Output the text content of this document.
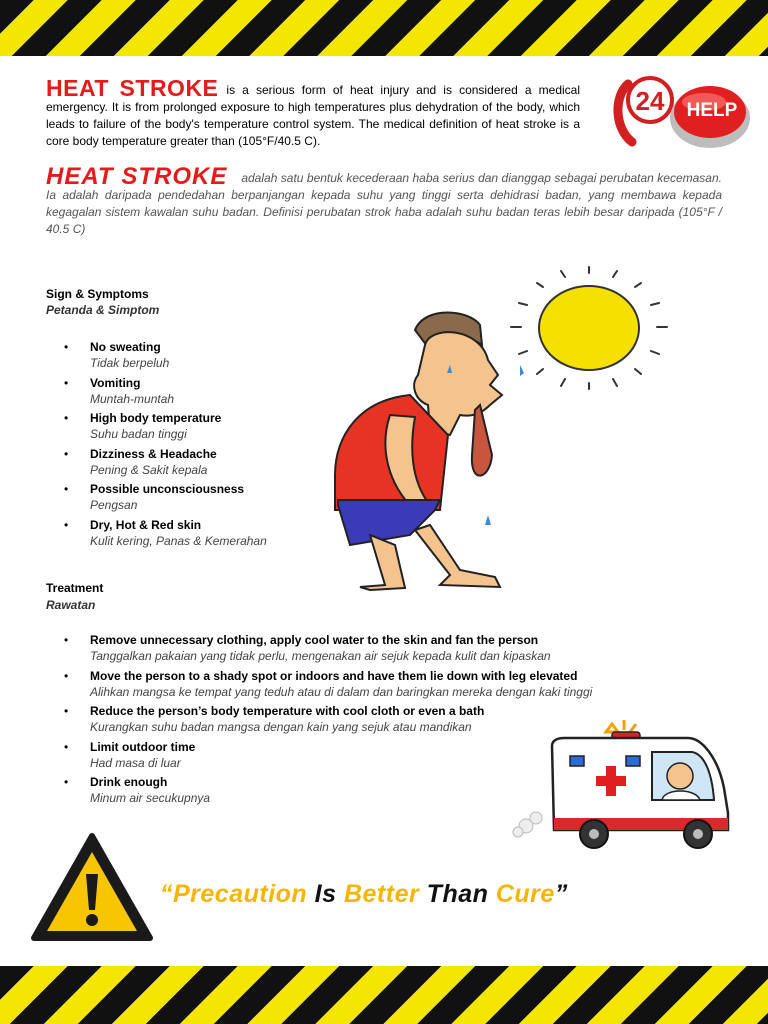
24 HELP
HEAT STROKE is a serious form of heat injury and is considered a medical emergency. It is from prolonged exposure to high temperatures plus dehydration of the body, which leads to failure of the body's temperature control system. The medical definition of heat stroke is a core body temperature greater than (105°F/40.5 C).
HEAT STROKE adalah satu bentuk kecederaan haba serius dan dianggap sebagai perubatan kecemasan. Ia adalah daripada pendedahan berpanjangan kepada suhu yang tinggi serta dehidrasi badan, yang membawa kepada kegagalan sistem kawalan suhu badan. Definisi perubatan strok haba adalah suhu badan teras lebih besar daripada (105°F / 40.5 C)
Sign & Symptoms
Petanda & Simptom
• No sweating
Tidak berpeluh
• Vomiting
Muntah-muntah
• High body temperature
Suhu badan tinggi
• Dizziness & Headache
Pening & Sakit kepala
• Possible unconsciousness
Pengsan
• Dry, Hot & Red skin
Kulit kering, Panas & Kemerahan
Treatment
Rawatan
• Remove unnecessary clothing, apply cool water to the skin and fan the person
Tanggalkan pakaian yang tidak perlu, mengenakan air sejuk kepada kulit dan kipaskan
• Move the person to a shady spot or indoors and have them lie down with leg elevated
Alihkan mangsa ke tempat yang teduh atau di dalam dan baringkan mereka dengan kaki tinggi
• Reduce the person’s body temperature with cool cloth or even a bath
Kurangkan suhu badan mangsa dengan kain yang sejuk atau mandikan
• Limit outdoor time
Had masa di luar
• Drink enough
Minum air secukupnya
“Precaution Is Better Than Cure”
